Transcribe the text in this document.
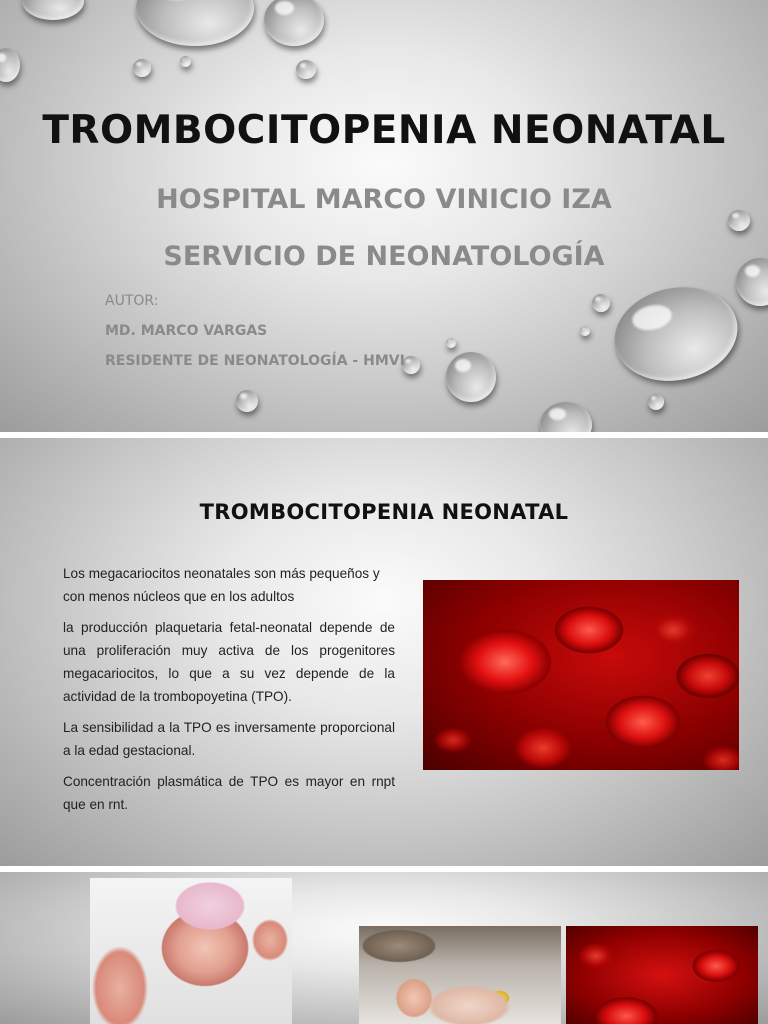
TROMBOCITOPENIA NEONATAL
HOSPITAL MARCO VINICIO IZA
SERVICIO DE NEONATOLOGÍA
AUTOR:
MD. MARCO VARGAS
RESIDENTE DE NEONATOLOGÍA - HMVI
TROMBOCITOPENIA NEONATAL

Los megacariocitos neonatales son más pequeños y con menos núcleos que en los adultos

la producción plaquetaria fetal-neonatal depende de una proliferación muy activa de los progenitores megacariocitos, lo que a su vez depende de la actividad de la trombopoyetina (TPO).

La sensibilidad a la TPO es inversamente proporcional a la edad gestacional.

Concentración plasmática de TPO es mayor en rnpt que en rnt.
